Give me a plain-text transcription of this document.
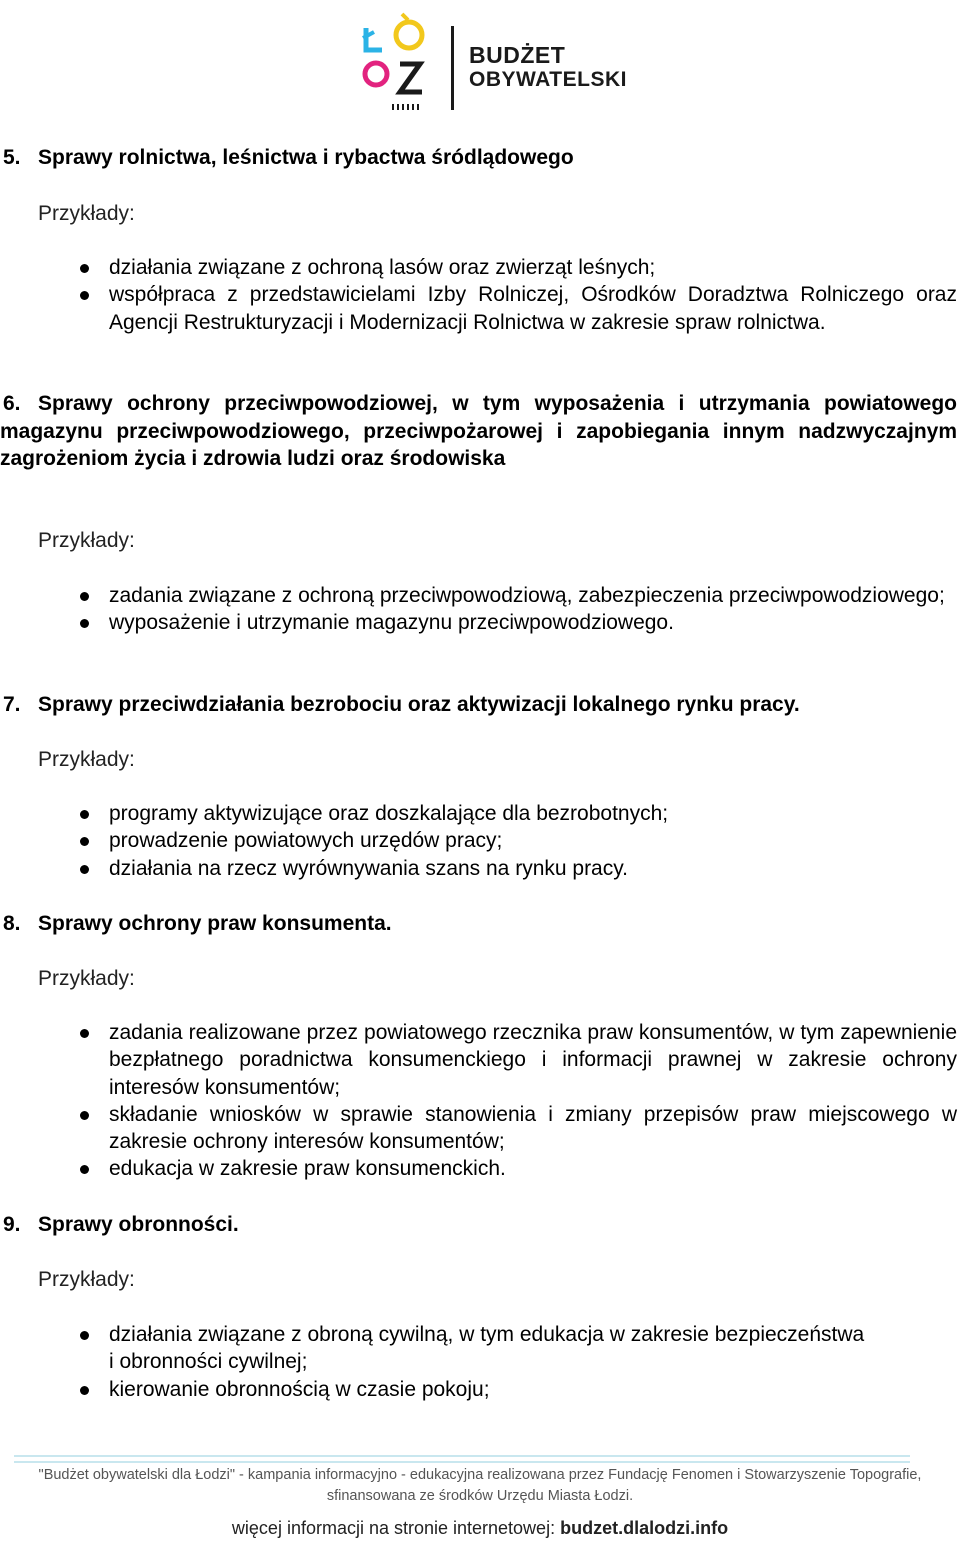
BUDŻET
OBYWATELSKI
5. Sprawy rolnictwa, leśnictwa i rybactwa śródlądowego
Przykłady:
działania związane z ochroną lasów oraz zwierząt leśnych;
współpraca z przedstawicielami Izby Rolniczej, Ośrodków Doradztwa Rolniczego oraz Agencji Restrukturyzacji i Modernizacji Rolnictwa w zakresie spraw rolnictwa.
6. Sprawy ochrony przeciwpowodziowej, w tym wyposażenia i utrzymania powiatowego magazynu przeciwpowodziowego, przeciwpożarowej i zapobiegania innym nadzwyczajnym zagrożeniom życia i zdrowia ludzi oraz środowiska
Przykłady:
zadania związane z ochroną przeciwpowodziową, zabezpieczenia przeciwpowodziowego;
wyposażenie i utrzymanie magazynu przeciwpowodziowego.
7. Sprawy przeciwdziałania bezrobociu oraz aktywizacji lokalnego rynku pracy.
Przykłady:
programy aktywizujące oraz doszkalające dla bezrobotnych;
prowadzenie powiatowych urzędów pracy;
działania na rzecz wyrównywania szans na rynku pracy.
8. Sprawy ochrony praw konsumenta.
Przykłady:
zadania realizowane przez powiatowego rzecznika praw konsumentów, w tym zapewnienie bezpłatnego poradnictwa konsumenckiego i informacji prawnej w zakresie ochrony interesów konsumentów;
składanie wniosków w sprawie stanowienia i zmiany przepisów praw miejscowego w zakresie ochrony interesów konsumentów;
edukacja w zakresie praw konsumenckich.
9. Sprawy obronności.
Przykłady:
działania związane z obroną cywilną, w tym edukacja w zakresie bezpieczeństwa
i obronności cywilnej;
kierowanie obronnością w czasie pokoju;
"Budżet obywatelski dla Łodzi" - kampania informacyjno - edukacyjna realizowana przez Fundację Fenomen i Stowarzyszenie Topografie,
sfinansowana ze środków Urzędu Miasta Łodzi.
więcej informacji na stronie internetowej: budzet.dlalodzi.info
